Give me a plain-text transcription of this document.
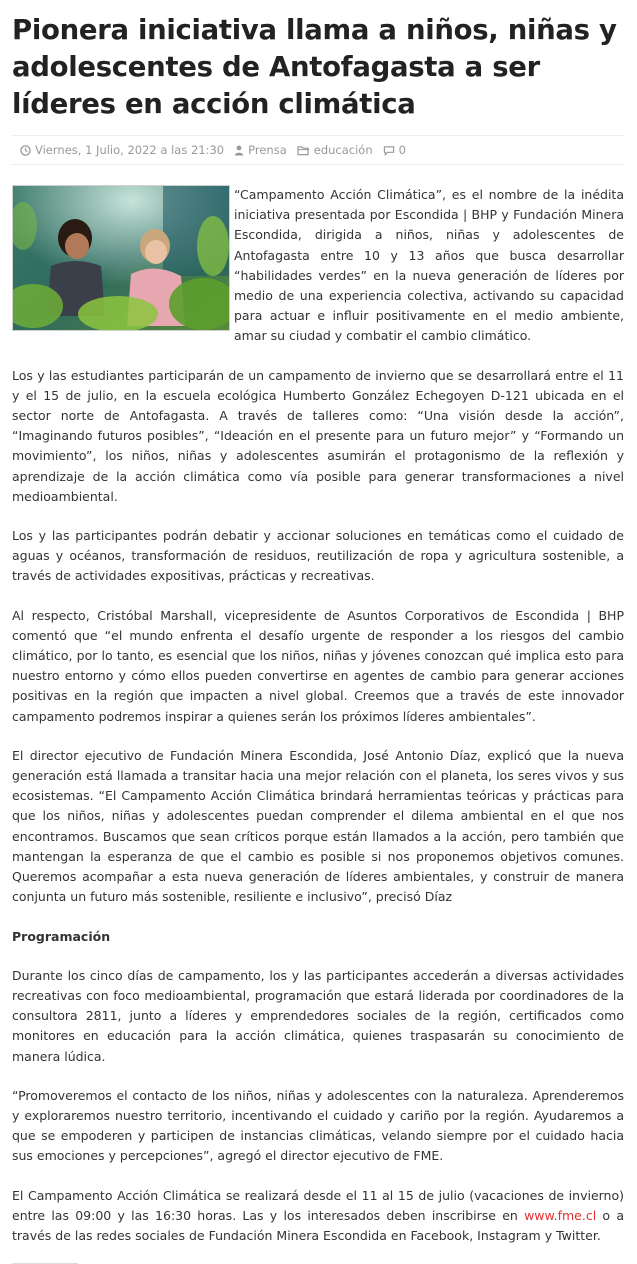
Pionera iniciativa llama a niños, niñas y adolescentes de Antofagasta a ser líderes en acción climática
Viernes, 1 Julio, 2022 a las 21:30 Prensa educación 0

“Campamento Acción Climática”, es el nombre de la inédita iniciativa presentada por Escondida | BHP y Fundación Minera Escondida, dirigida a niños, niñas y adolescentes de Antofagasta entre 10 y 13 años que busca desarrollar “habilidades verdes” en la nueva generación de líderes por medio de una experiencia colectiva, activando su capacidad para actuar e influir positivamente en el medio ambiente, amar su ciudad y combatir el cambio climático.

Los y las estudiantes participarán de un campamento de invierno que se desarrollará entre el 11 y el 15 de julio, en la escuela ecológica Humberto González Echegoyen D-121 ubicada en el sector norte de Antofagasta. A través de talleres como: “Una visión desde la acción”, “Imaginando futuros posibles”, “Ideación en el presente para un futuro mejor” y “Formando un movimiento”, los niños, niñas y adolescentes asumirán el protagonismo de la reflexión y aprendizaje de la acción climática como vía posible para generar transformaciones a nivel medioambiental.

Los y las participantes podrán debatir y accionar soluciones en temáticas como el cuidado de aguas y océanos, transformación de residuos, reutilización de ropa y agricultura sostenible, a través de actividades expositivas, prácticas y recreativas.

Al respecto, Cristóbal Marshall, vicepresidente de Asuntos Corporativos de Escondida | BHP comentó que “el mundo enfrenta el desafío urgente de responder a los riesgos del cambio climático, por lo tanto, es esencial que los niños, niñas y jóvenes conozcan qué implica esto para nuestro entorno y cómo ellos pueden convertirse en agentes de cambio para generar acciones positivas en la región que impacten a nivel global. Creemos que a través de este innovador campamento podremos inspirar a quienes serán los próximos líderes ambientales”.

El director ejecutivo de Fundación Minera Escondida, José Antonio Díaz, explicó que la nueva generación está llamada a transitar hacia una mejor relación con el planeta, los seres vivos y sus ecosistemas. “El Campamento Acción Climática brindará herramientas teóricas y prácticas para que los niños, niñas y adolescentes puedan comprender el dilema ambiental en el que nos encontramos. Buscamos que sean críticos porque están llamados a la acción, pero también que mantengan la esperanza de que el cambio es posible si nos proponemos objetivos comunes. Queremos acompañar a esta nueva generación de líderes ambientales, y construir de manera conjunta un futuro más sostenible, resiliente e inclusivo”, precisó Díaz

Programación

Durante los cinco días de campamento, los y las participantes accederán a diversas actividades recreativas con foco medioambiental, programación que estará liderada por coordinadores de la consultora 2811, junto a líderes y emprendedores sociales de la región, certificados como monitores en educación para la acción climática, quienes traspasarán su conocimiento de manera lúdica.

“Promoveremos el contacto de los niños, niñas y adolescentes con la naturaleza. Aprenderemos y exploraremos nuestro territorio, incentivando el cuidado y cariño por la región. Ayudaremos a que se empoderen y participen de instancias climáticas, velando siempre por el cuidado hacia sus emociones y percepciones”, agregó el director ejecutivo de FME.

El Campamento Acción Climática se realizará desde el 11 al 15 de julio (vacaciones de invierno) entre las 09:00 y las 16:30 horas. Las y los interesados deben inscribirse en www.fme.cl o a través de las redes sociales de Fundación Minera Escondida en Facebook, Instagram y Twitter.
